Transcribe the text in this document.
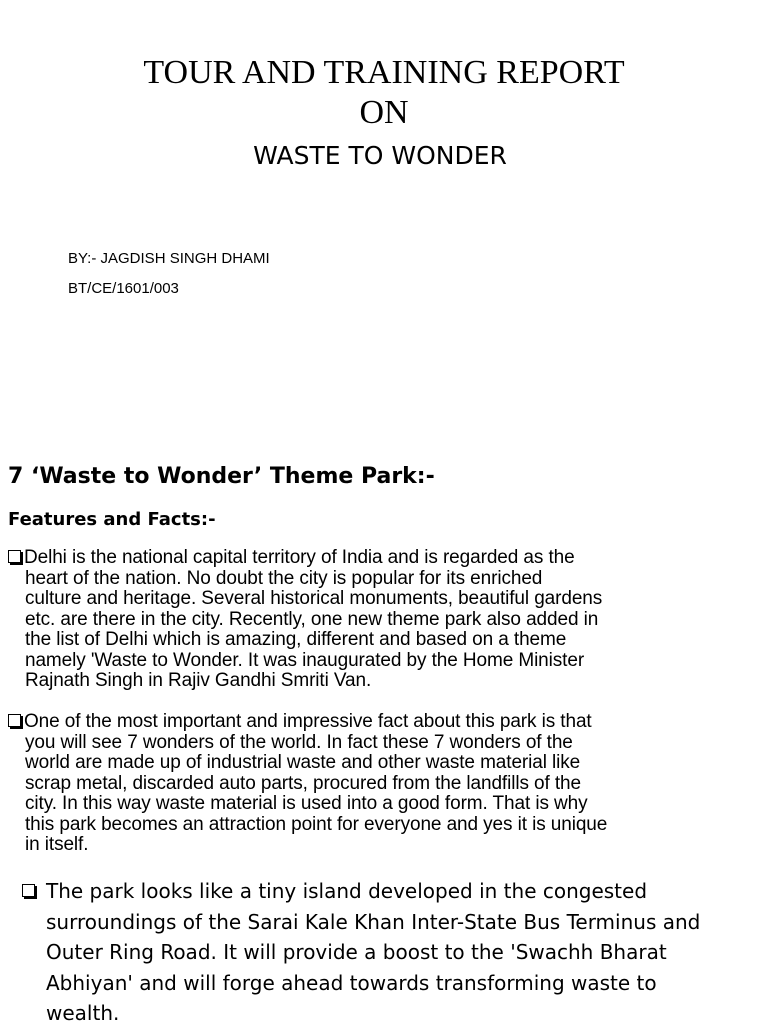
TOUR AND TRAINING REPORT
ON
WASTE TO WONDER
BY:- JAGDISH SINGH DHAMI
BT/CE/1601/003
7 ‘Waste to Wonder’ Theme Park:-
Features and Facts:-
Delhi is the national capital territory of India and is regarded as the
heart of the nation. No doubt the city is popular for its enriched
culture and heritage. Several historical monuments, beautiful gardens
etc. are there in the city. Recently, one new theme park also added in
the list of Delhi which is amazing, different and based on a theme
namely 'Waste to Wonder. It was inaugurated by the Home Minister
Rajnath Singh in Rajiv Gandhi Smriti Van.
One of the most important and impressive fact about this park is that
you will see 7 wonders of the world. In fact these 7 wonders of the
world are made up of industrial waste and other waste material like
scrap metal, discarded auto parts, procured from the landfills of the
city. In this way waste material is used into a good form. That is why
this park becomes an attraction point for everyone and yes it is unique
in itself.
The park looks like a tiny island developed in the congested
surroundings of the Sarai Kale Khan Inter-State Bus Terminus and
Outer Ring Road. It will provide a boost to the 'Swachh Bharat
Abhiyan' and will forge ahead towards transforming waste to
wealth.
